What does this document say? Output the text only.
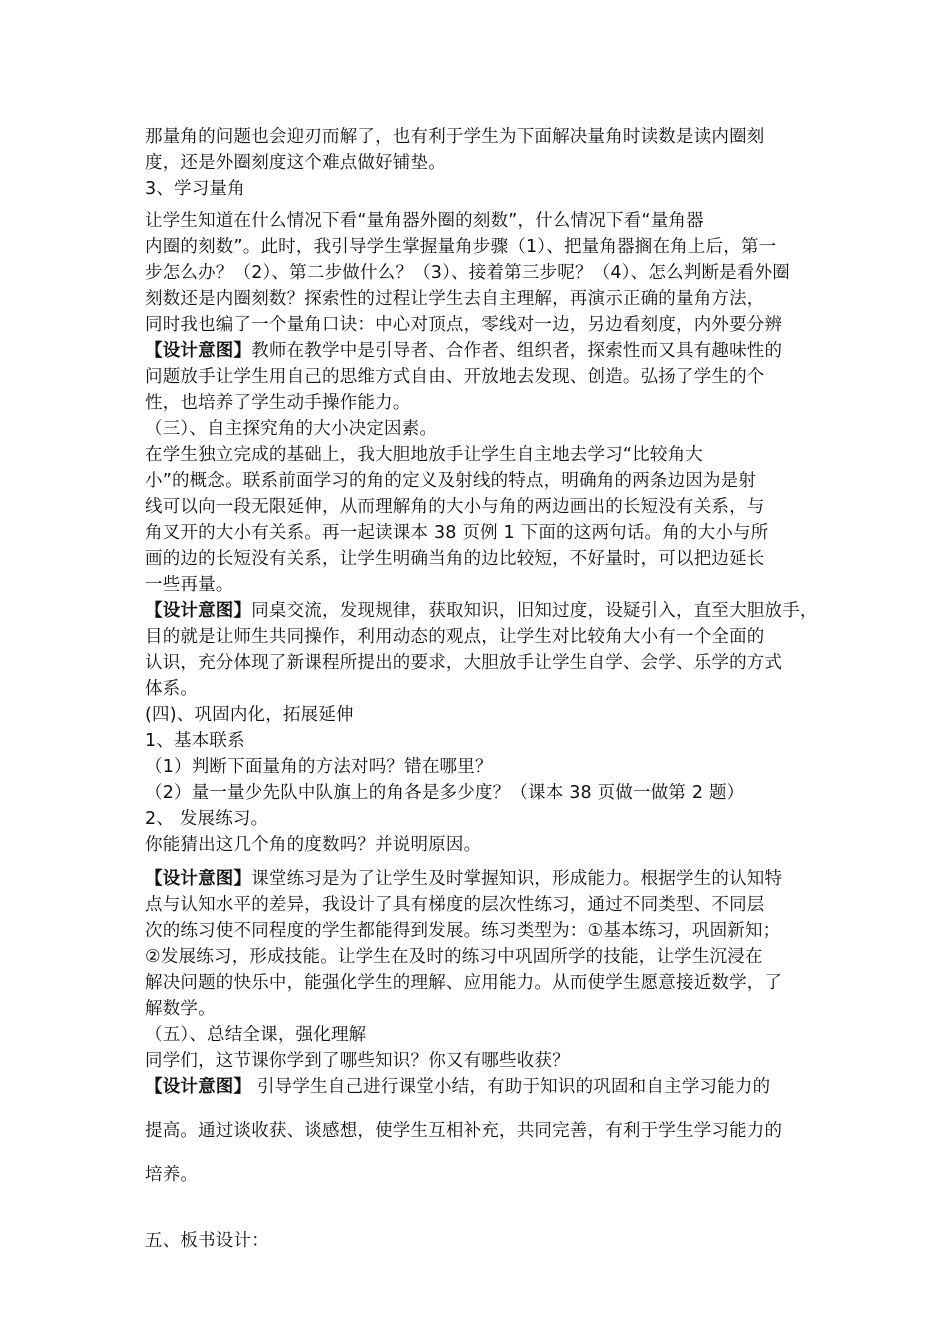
那量角的问题也会迎刃而解了，也有利于学生为下面解决量角时读数是读内圈刻
度，还是外圈刻度这个难点做好铺垫。
3、学习量角
让学生知道在什么情况下看“量角器外圈的刻数”，什么情况下看“量角器
内圈的刻数”。此时，我引导学生掌握量角步骤（1）、把量角器搁在角上后，第一
步怎么办？（2）、第二步做什么？（3）、接着第三步呢？（4）、怎么判断是看外圈
刻数还是内圈刻数？探索性的过程让学生去自主理解，再演示正确的量角方法，
同时我也编了一个量角口诀：中心对顶点，零线对一边，另边看刻度，内外要分辨
【设计意图】教师在教学中是引导者、合作者、组织者，探索性而又具有趣味性的
问题放手让学生用自己的思维方式自由、开放地去发现、创造。弘扬了学生的个
性，也培养了学生动手操作能力。
（三）、自主探究角的大小决定因素。
在学生独立完成的基础上，我大胆地放手让学生自主地去学习“比较角大
小”的概念。联系前面学习的角的定义及射线的特点，明确角的两条边因为是射
线可以向一段无限延伸，从而理解角的大小与角的两边画出的长短没有关系，与
角叉开的大小有关系。再一起读课本 38 页例 1 下面的这两句话。角的大小与所
画的边的长短没有关系，让学生明确当角的边比较短，不好量时，可以把边延长
一些再量。
【设计意图】同桌交流，发现规律，获取知识，旧知过度，设疑引入，直至大胆放手，
目的就是让师生共同操作，利用动态的观点，让学生对比较角大小有一个全面的
认识，充分体现了新课程所提出的要求，大胆放手让学生自学、会学、乐学的方式
体系。
(四)、巩固内化，拓展延伸
1、基本联系
（1）判断下面量角的方法对吗？错在哪里？
（2）量一量少先队中队旗上的角各是多少度？（课本 38 页做一做第 2 题）
2、 发展练习。
你能猜出这几个角的度数吗？并说明原因。
【设计意图】课堂练习是为了让学生及时掌握知识，形成能力。根据学生的认知特
点与认知水平的差异，我设计了具有梯度的层次性练习，通过不同类型、不同层
次的练习使不同程度的学生都能得到发展。练习类型为：①基本练习，巩固新知；
②发展练习，形成技能。让学生在及时的练习中巩固所学的技能，让学生沉浸在
解决问题的快乐中，能强化学生的理解、应用能力。从而使学生愿意接近数学，了
解数学。
（五）、总结全课，强化理解
同学们，这节课你学到了哪些知识？你又有哪些收获？
【设计意图】 引导学生自己进行课堂小结，有助于知识的巩固和自主学习能力的
提高。通过谈收获、谈感想，使学生互相补充，共同完善，有利于学生学习能力的
培养。
五、板书设计：
